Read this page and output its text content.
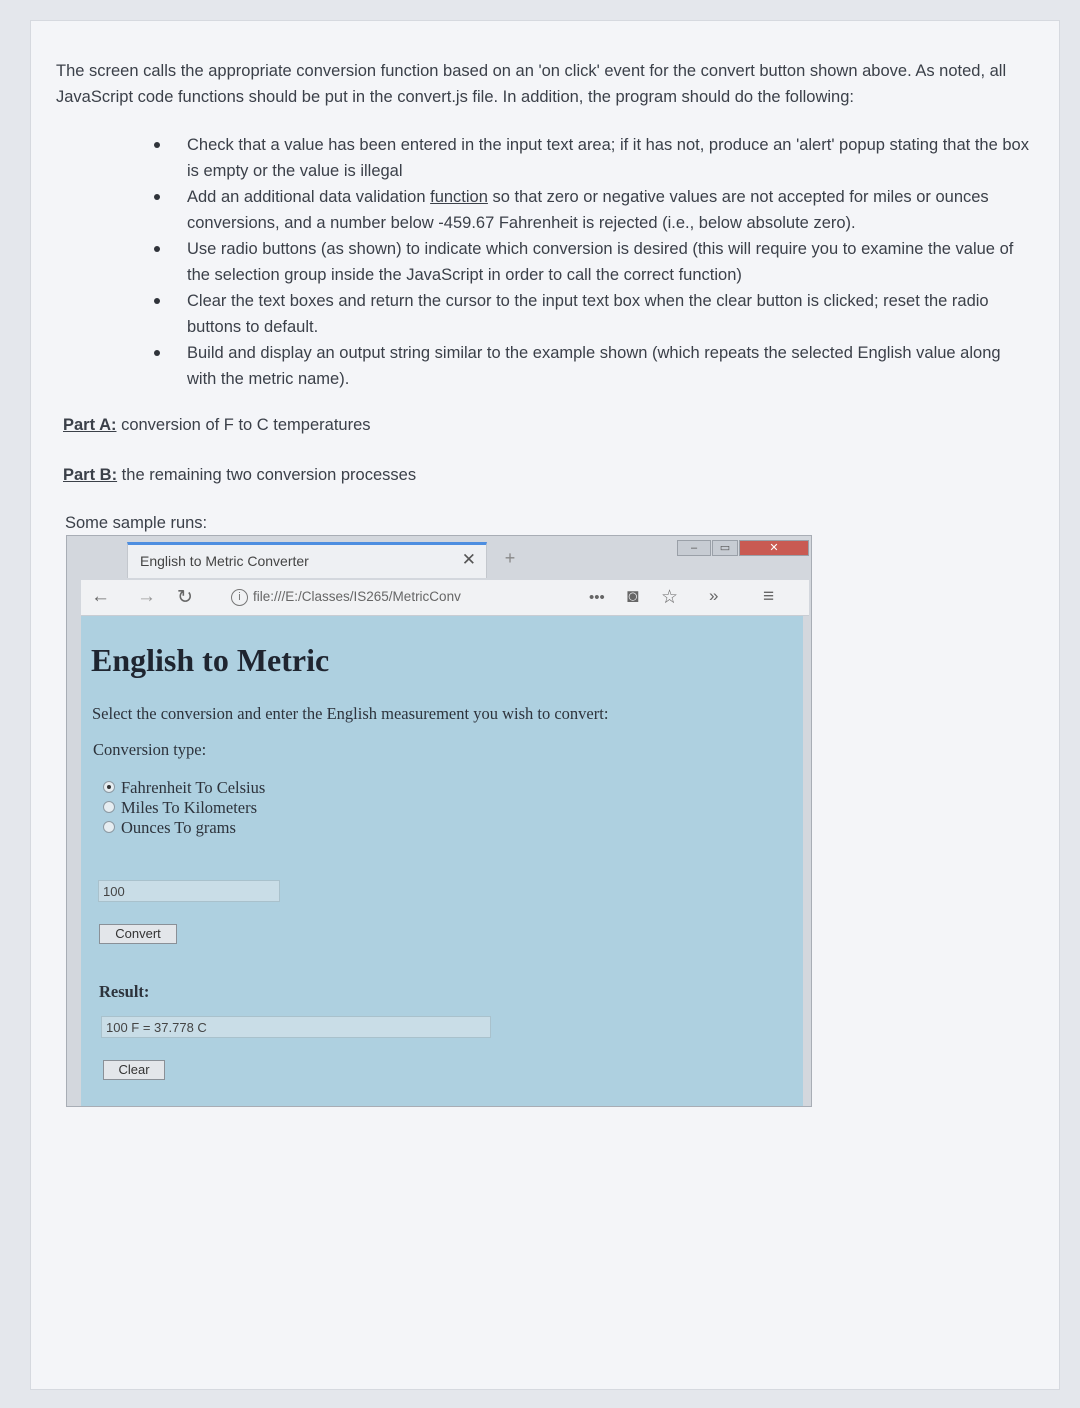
The screen calls the appropriate conversion function based on an 'on click' event for the convert button shown above. As noted, all JavaScript code functions should be put in the convert.js file. In addition, the program should do the following:

Check that a value has been entered in the input text area; if it has not, produce an 'alert' popup stating that the box is empty or the value is illegal
Add an additional data validation function so that zero or negative values are not accepted for miles or ounces conversions, and a number below -459.67 Fahrenheit is rejected (i.e., below absolute zero).
Use radio buttons (as shown) to indicate which conversion is desired (this will require you to examine the value of the selection group inside the JavaScript in order to call the correct function)
Clear the text boxes and return the cursor to the input text box when the clear button is clicked; reset the radio buttons to default.
Build and display an output string similar to the example shown (which repeats the selected English value along with the metric name).
Part A: conversion of F to C temperatures
Part B: the remaining two conversion processes
Some sample runs:
English to Metric Converter	✕	+	–	▭	✕
← → ↻	i file:///E:/Classes/IS265/MetricConv	••• ◙ ☆ » ≡
English to Metric
Select the conversion and enter the English measurement you wish to convert:
Conversion type:
Fahrenheit To Celsius
Miles To Kilometers
Ounces To grams
100
Convert
Result:
100 F = 37.778 C
Clear
